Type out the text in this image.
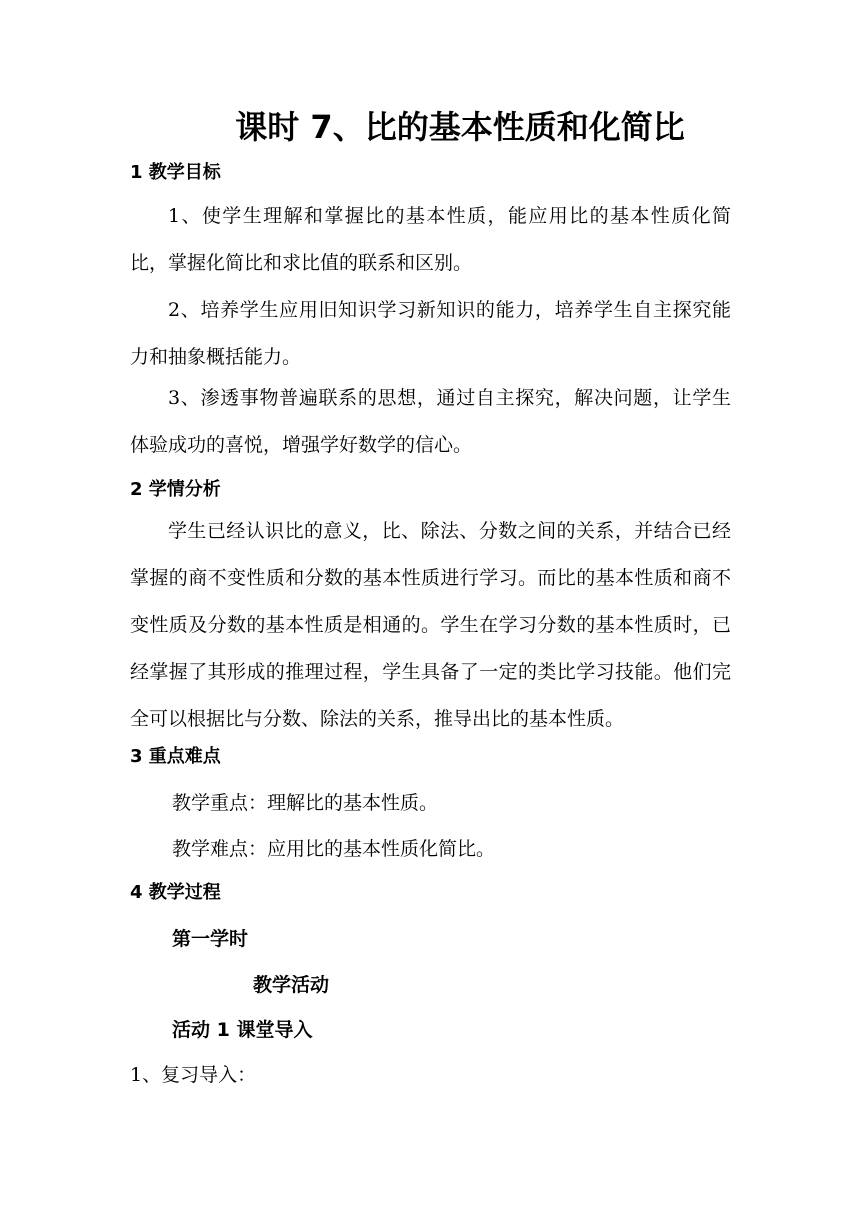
课时 7、比的基本性质和化简比
1 教学目标
1、使学生理解和掌握比的基本性质，能应用比的基本性质化简比，掌握化简比和求比值的联系和区别。
2、培养学生应用旧知识学习新知识的能力，培养学生自主探究能力和抽象概括能力。
3、渗透事物普遍联系的思想，通过自主探究，解决问题，让学生体验成功的喜悦，增强学好数学的信心。
2 学情分析
学生已经认识比的意义，比、除法、分数之间的关系，并结合已经掌握的商不变性质和分数的基本性质进行学习。而比的基本性质和商不变性质及分数的基本性质是相通的。学生在学习分数的基本性质时，已经掌握了其形成的推理过程，学生具备了一定的类比学习技能。他们完全可以根据比与分数、除法的关系，推导出比的基本性质。
3 重点难点
教学重点：理解比的基本性质。
教学难点：应用比的基本性质化简比。
4 教学过程
第一学时
教学活动
活动 1 课堂导入
1、复习导入：
